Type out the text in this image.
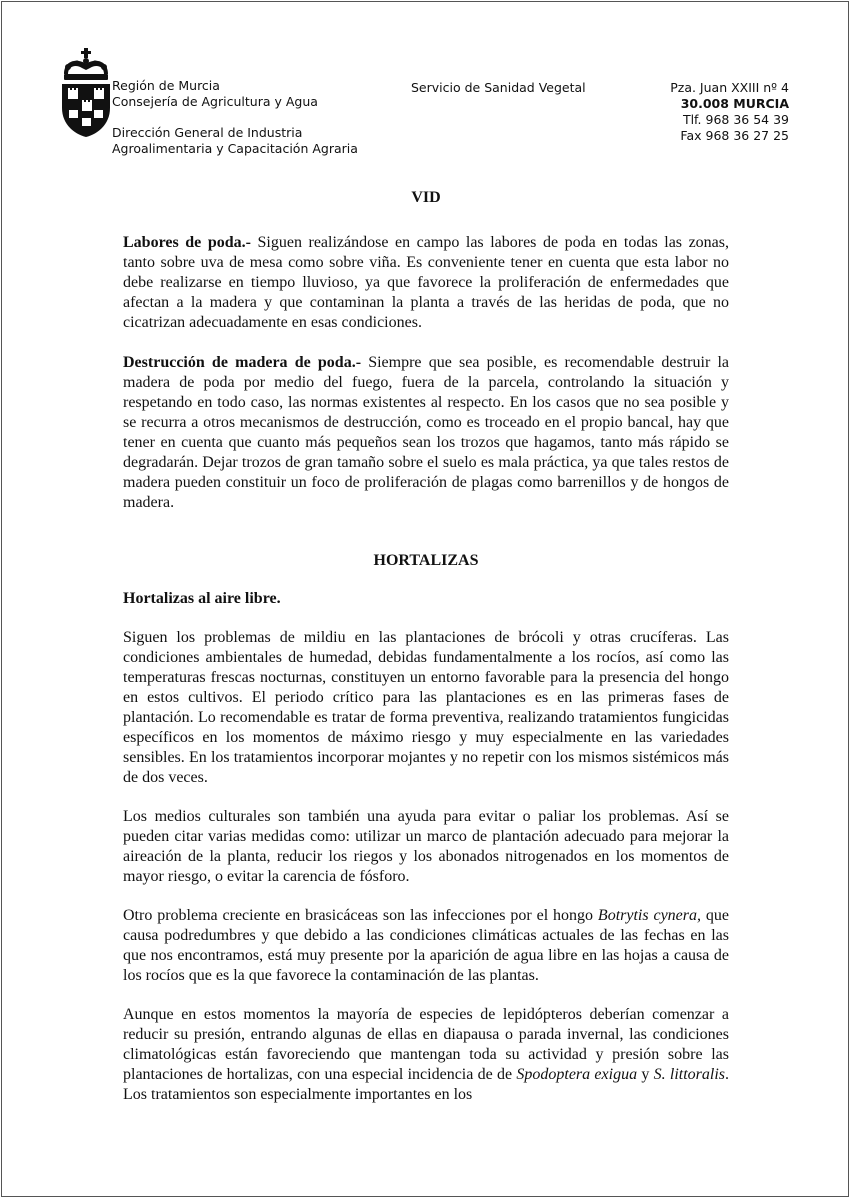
Región de Murcia
Consejería de Agricultura y Agua
Dirección General de Industria
Agroalimentaria y Capacitación Agraria
Servicio de Sanidad Vegetal	Pza. Juan XXIII nº 4
30.008 MURCIA
Tlf. 968 36 54 39
Fax 968 36 27 25

VID

Labores de poda.- Siguen realizándose en campo las labores de poda en todas las zonas, tanto sobre uva de mesa como sobre viña. Es conveniente tener en cuenta que esta labor no debe realizarse en tiempo lluvioso, ya que favorece la proliferación de enfermedades que afectan a la madera y que contaminan la planta a través de las heridas de poda, que no cicatrizan adecuadamente en esas condiciones.

Destrucción de madera de poda.- Siempre que sea posible, es recomendable destruir la madera de poda por medio del fuego, fuera de la parcela, controlando la situación y respetando en todo caso, las normas existentes al respecto. En los casos que no sea posible y se recurra a otros mecanismos de destrucción, como es troceado en el propio bancal, hay que tener en cuenta que cuanto más pequeños sean los trozos que hagamos, tanto más rápido se degradarán. Dejar trozos de gran tamaño sobre el suelo es mala práctica, ya que tales restos de madera pueden constituir un foco de proliferación de plagas como barrenillos y de hongos de madera.

HORTALIZAS

Hortalizas al aire libre.

Siguen los problemas de mildiu en las plantaciones de brócoli y otras crucíferas. Las condiciones ambientales de humedad, debidas fundamentalmente a los rocíos, así como las temperaturas frescas nocturnas, constituyen un entorno favorable para la presencia del hongo en estos cultivos. El periodo crítico para las plantaciones es en las primeras fases de plantación. Lo recomendable es tratar de forma preventiva, realizando tratamientos fungicidas específicos en los momentos de máximo riesgo y muy especialmente en las variedades sensibles. En los tratamientos incorporar mojantes y no repetir con los mismos sistémicos más de dos veces.

Los medios culturales son también una ayuda para evitar o paliar los problemas. Así se pueden citar varias medidas como: utilizar un marco de plantación adecuado para mejorar la aireación de la planta, reducir los riegos y los abonados nitrogenados en los momentos de mayor riesgo, o evitar la carencia de fósforo.

Otro problema creciente en brasicáceas son las infecciones por el hongo Botrytis cynera, que causa podredumbres y que debido a las condiciones climáticas actuales de las fechas en las que nos encontramos, está muy presente por la aparición de agua libre en las hojas a causa de los rocíos que es la que favorece la contaminación de las plantas.

Aunque en estos momentos la mayoría de especies de lepidópteros deberían comenzar a reducir su presión, entrando algunas de ellas en diapausa o parada invernal, las condiciones climatológicas están favoreciendo que mantengan toda su actividad y presión sobre las plantaciones de hortalizas, con una especial incidencia de de Spodoptera exigua y S. littoralis. Los tratamientos son especialmente importantes en los
